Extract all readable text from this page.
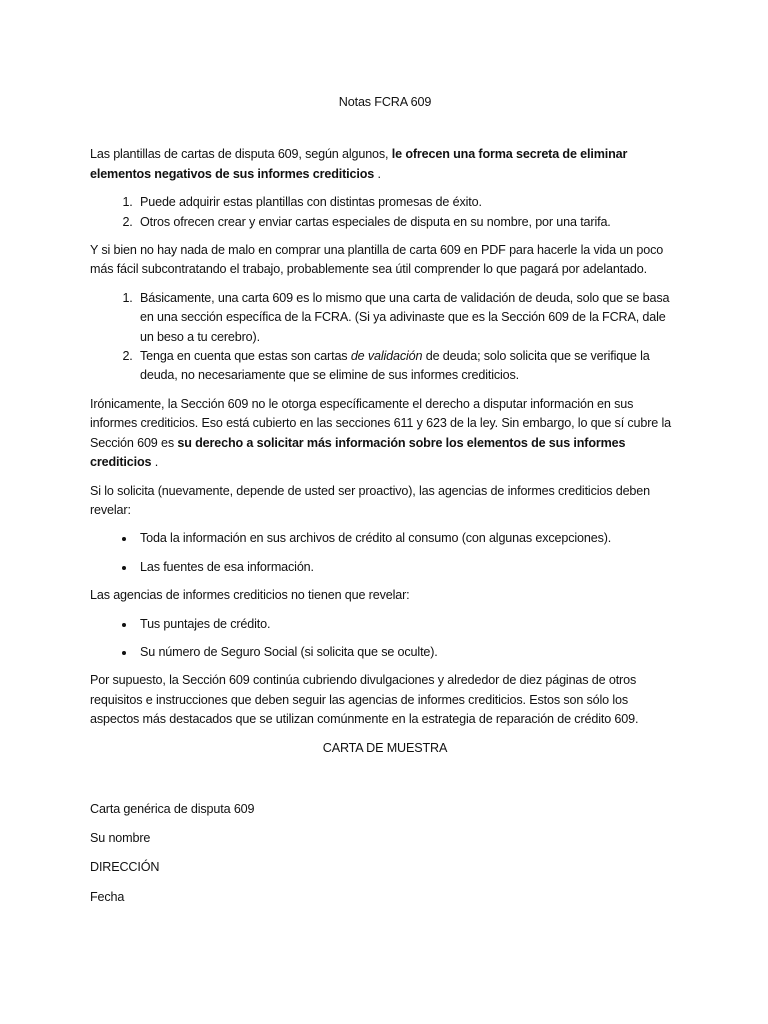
Notas FCRA 609

Las plantillas de cartas de disputa 609, según algunos, le ofrecen una forma secreta de eliminar elementos negativos de sus informes crediticios .

1. Puede adquirir estas plantillas con distintas promesas de éxito.
2. Otros ofrecen crear y enviar cartas especiales de disputa en su nombre, por una tarifa.

Y si bien no hay nada de malo en comprar una plantilla de carta 609 en PDF para hacerle la vida un poco más fácil subcontratando el trabajo, probablemente sea útil comprender lo que pagará por adelantado.

1. Básicamente, una carta 609 es lo mismo que una carta de validación de deuda, solo que se basa en una sección específica de la FCRA. (Si ya adivinaste que es la Sección 609 de la FCRA, dale un beso a tu cerebro).
2. Tenga en cuenta que estas son cartas de validación de deuda; solo solicita que se verifique la deuda, no necesariamente que se elimine de sus informes crediticios.

Irónicamente, la Sección 609 no le otorga específicamente el derecho a disputar información en sus informes crediticios. Eso está cubierto en las secciones 611 y 623 de la ley. Sin embargo, lo que sí cubre la Sección 609 es su derecho a solicitar más información sobre los elementos de sus informes crediticios .

Si lo solicita (nuevamente, depende de usted ser proactivo), las agencias de informes crediticios deben revelar:

• Toda la información en sus archivos de crédito al consumo (con algunas excepciones).
• Las fuentes de esa información.

Las agencias de informes crediticios no tienen que revelar:

• Tus puntajes de crédito.
• Su número de Seguro Social (si solicita que se oculte).

Por supuesto, la Sección 609 continúa cubriendo divulgaciones y alrededor de diez páginas de otros requisitos e instrucciones que deben seguir las agencias de informes crediticios. Estos son sólo los aspectos más destacados que se utilizan comúnmente en la estrategia de reparación de crédito 609.

CARTA DE MUESTRA

Carta genérica de disputa 609

Su nombre

DIRECCIÓN

Fecha
